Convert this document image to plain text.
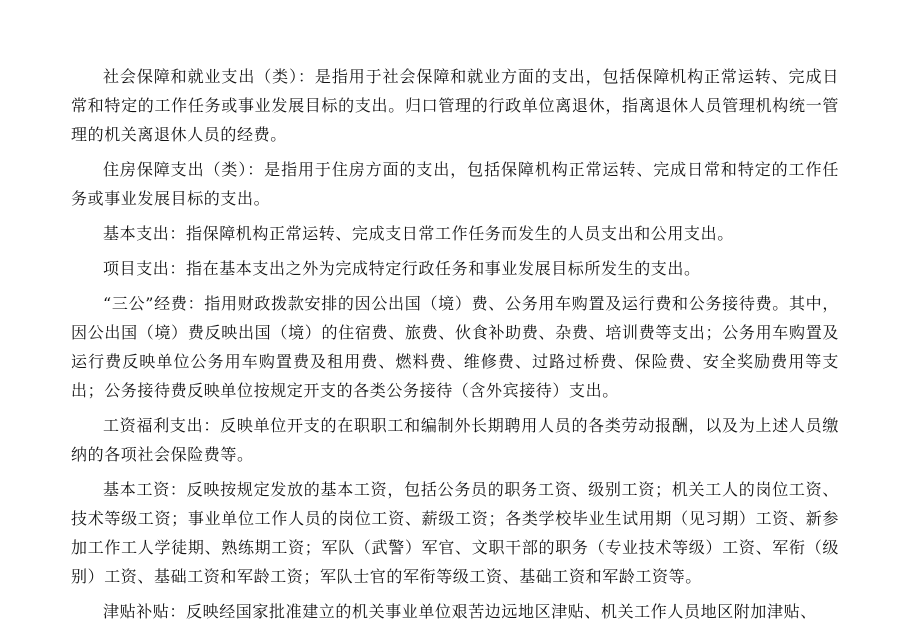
社会保障和就业支出（类）：是指用于社会保障和就业方面的支出，包括保障机构正常运转、完成日常和特定的工作任务或事业发展目标的支出。归口管理的行政单位离退休，指离退休人员管理机构统一管理的机关离退休人员的经费。

住房保障支出（类）：是指用于住房方面的支出，包括保障机构正常运转、完成日常和特定的工作任务或事业发展目标的支出。

基本支出：指保障机构正常运转、完成支日常工作任务而发生的人员支出和公用支出。

项目支出：指在基本支出之外为完成特定行政任务和事业发展目标所发生的支出。

“三公”经费：指用财政拨款安排的因公出国（境）费、公务用车购置及运行费和公务接待费。其中，因公出国（境）费反映出国（境）的住宿费、旅费、伙食补助费、杂费、培训费等支出；公务用车购置及运行费反映单位公务用车购置费及租用费、燃料费、维修费、过路过桥费、保险费、安全奖励费用等支出；公务接待费反映单位按规定开支的各类公务接待（含外宾接待）支出。

工资福利支出：反映单位开支的在职职工和编制外长期聘用人员的各类劳动报酬，以及为上述人员缴纳的各项社会保险费等。

基本工资：反映按规定发放的基本工资，包括公务员的职务工资、级别工资；机关工人的岗位工资、技术等级工资；事业单位工作人员的岗位工资、薪级工资；各类学校毕业生试用期（见习期）工资、新参加工作工人学徒期、熟练期工资；军队（武警）军官、文职干部的职务（专业技术等级）工资、军衔（级别）工资、基础工资和军龄工资；军队士官的军衔等级工资、基础工资和军龄工资等。

津贴补贴：反映经国家批准建立的机关事业单位艰苦边远地区津贴、机关工作人员地区附加津贴、
